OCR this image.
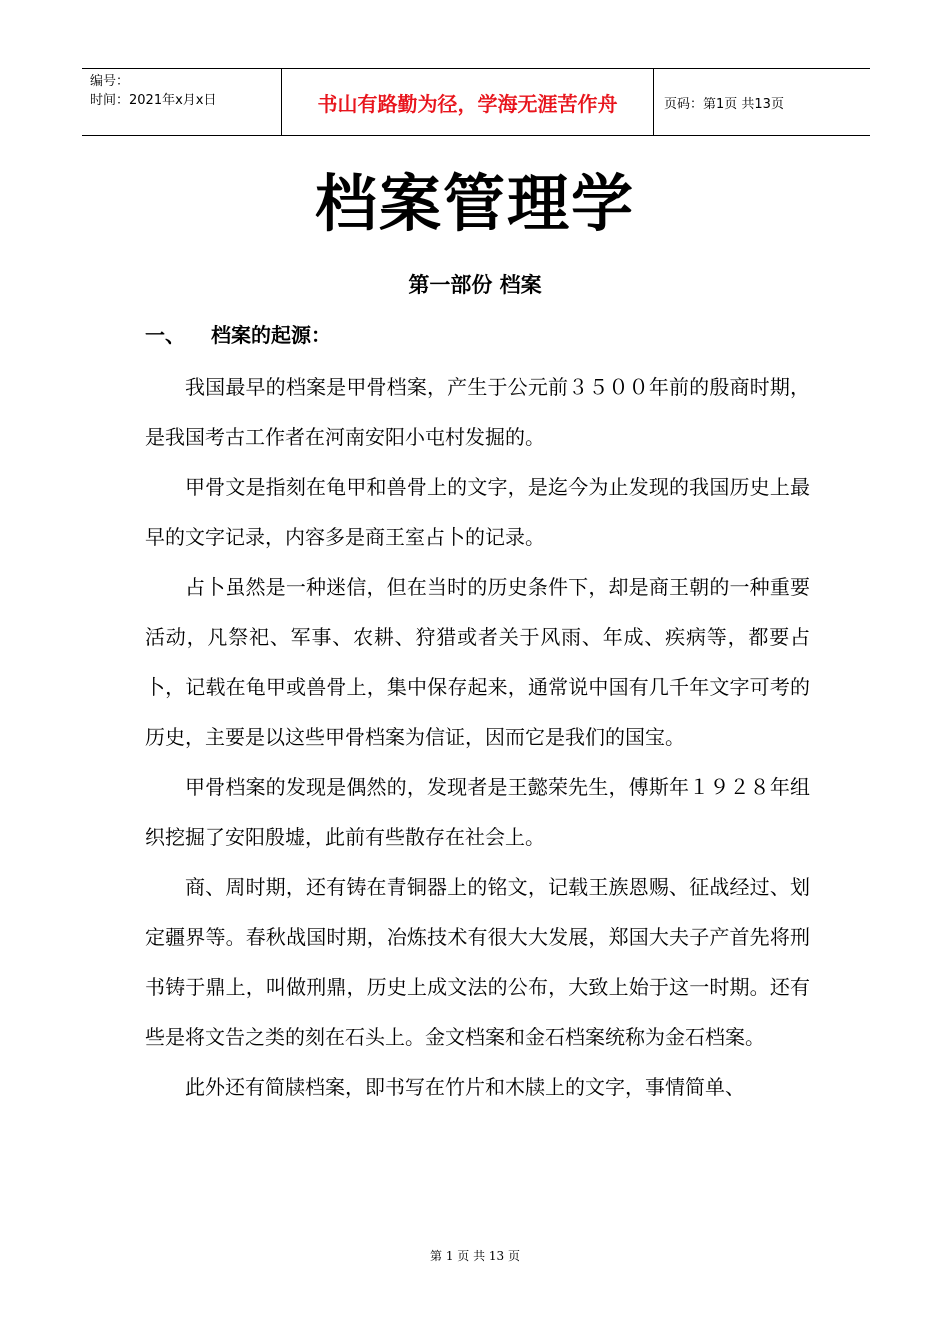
编号：
时间：2021年x月x日	书山有路勤为径，学海无涯苦作舟	页码：第1页 共13页
档案管理学
第一部份 档案
一、 档案的起源：

我国最早的档案是甲骨档案，产生于公元前３５００年前的殷商时期，是我国考古工作者在河南安阳小屯村发掘的。

甲骨文是指刻在龟甲和兽骨上的文字，是迄今为止发现的我国历史上最早的文字记录，内容多是商王室占卜的记录。

占卜虽然是一种迷信，但在当时的历史条件下，却是商王朝的一种重要活动，凡祭祀、军事、农耕、狩猎或者关于风雨、年成、疾病等，都要占卜，记载在龟甲或兽骨上，集中保存起来，通常说中国有几千年文字可考的历史，主要是以这些甲骨档案为信证，因而它是我们的国宝。

甲骨档案的发现是偶然的，发现者是王懿荣先生，傅斯年１９２８年组织挖掘了安阳殷墟，此前有些散存在社会上。

商、周时期，还有铸在青铜器上的铭文，记载王族恩赐、征战经过、划定疆界等。春秋战国时期，冶炼技术有很大大发展，郑国大夫子产首先将刑书铸于鼎上，叫做刑鼎，历史上成文法的公布，大致上始于这一时期。还有些是将文告之类的刻在石头上。金文档案和金石档案统称为金石档案。

此外还有简牍档案，即书写在竹片和木牍上的文字，事情简单、

第 1 页 共 13 页
